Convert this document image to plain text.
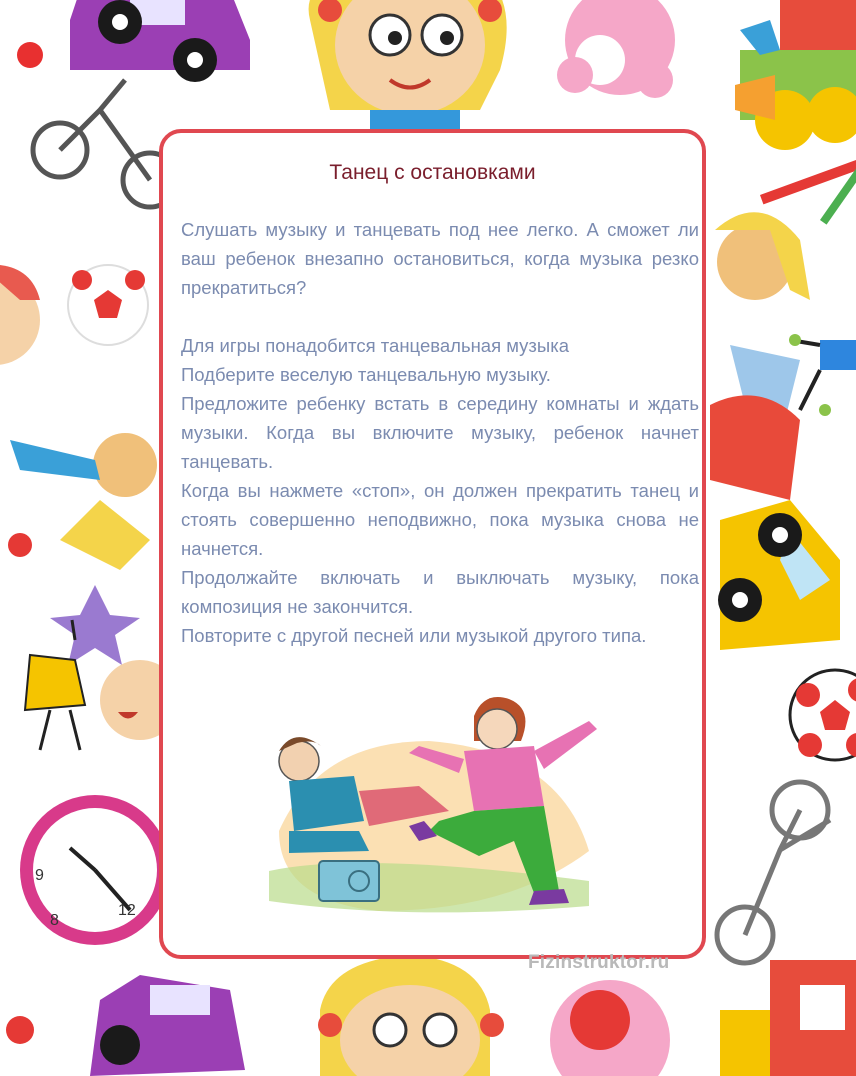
9
8
12
Танец с остановками

Слушать музыку и танцевать под нее легко. А сможет ли ваш ребенок внезапно остановиться, когда музыка резко прекратиться?

Для игры понадобится танцевальная музыка

Подберите веселую танцевальную музыку.

Предложите ребенку встать в середину комнаты и ждать музыки. Когда вы включите музыку, ребенок начнет танцевать.

Когда вы нажмете «стоп», он должен прекратить танец и стоять совершенно неподвижно, пока музыка снова не начнется.

Продолжайте включать и выключать музыку, пока композиция не закончится.

Повторите с другой песней или музыкой другого типа.

Fizinstruktor.ru
